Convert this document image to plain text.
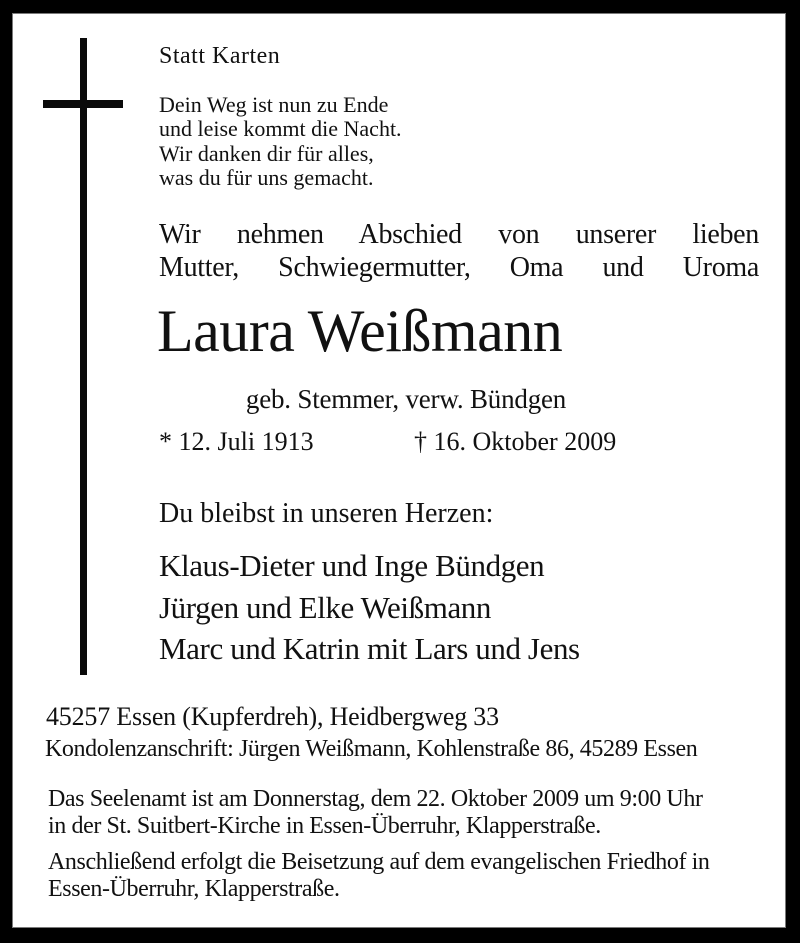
Statt Karten
Dein Weg ist nun zu Ende
und leise kommt die Nacht.
Wir danken dir für alles,
was du für uns gemacht.
Wir nehmen Abschied von unserer lieben
Mutter, Schwiegermutter, Oma und Uroma
Laura Weißmann
geb. Stemmer, verw. Bündgen
* 12. Juli 1913	† 16. Oktober 2009
Du bleibst in unseren Herzen:
Klaus-Dieter und Inge Bündgen
Jürgen und Elke Weißmann
Marc und Katrin mit Lars und Jens
45257 Essen (Kupferdreh), Heidbergweg 33
Kondolenzanschrift: Jürgen Weißmann, Kohlenstraße 86, 45289 Essen
Das Seelenamt ist am Donnerstag, dem 22. Oktober 2009 um 9:00 Uhr
in der St. Suitbert-Kirche in Essen-Überruhr, Klapperstraße.
Anschließend erfolgt die Beisetzung auf dem evangelischen Friedhof in
Essen-Überruhr, Klapperstraße.
